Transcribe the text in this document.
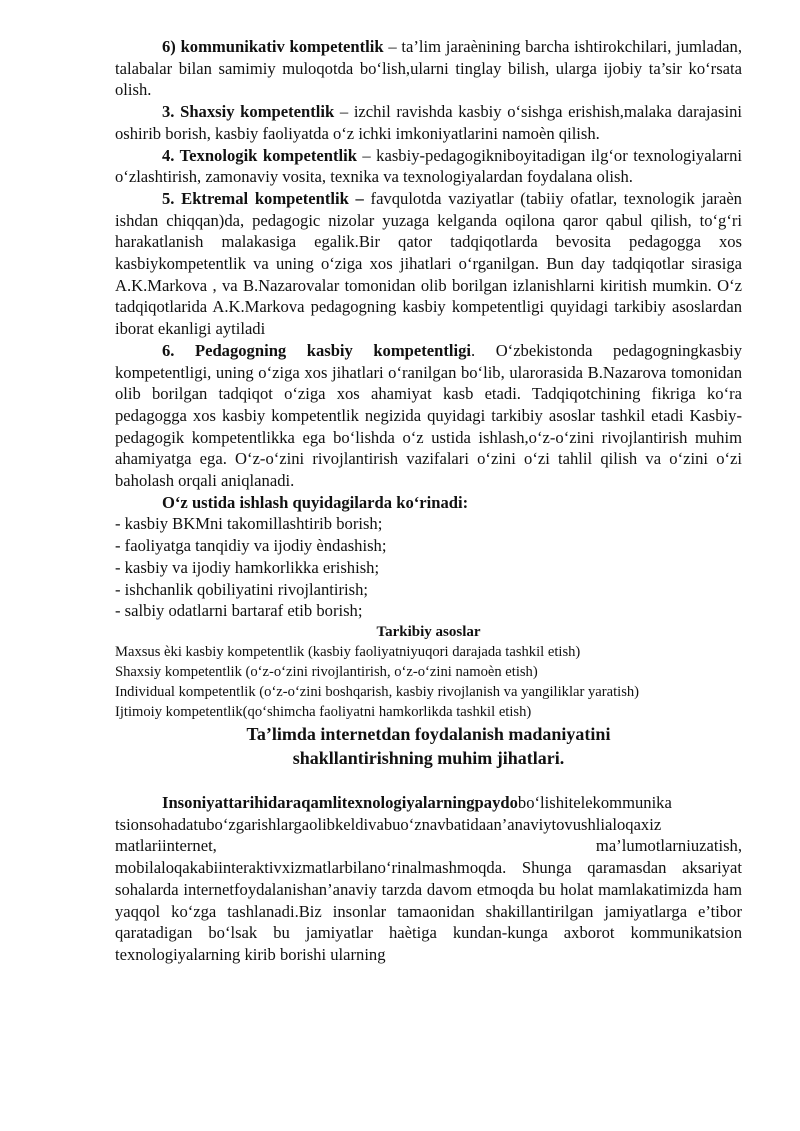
6) kommunikativ kompetentlik – ta’lim jaraènining barcha ishtirokchilari, jumladan, talabalar bilan samimiy muloqotda bo‘lish,ularni tinglay bilish, ularga ijobiy ta’sir ko‘rsata olish.

3. Shaxsiy kompetentlik – izchil ravishda kasbiy o‘sishga erishish,malaka darajasini oshirib borish, kasbiy faoliyatda o‘z ichki imkoniyatlarini namoèn qilish.

4. Texnologik kompetentlik – kasbiy-pedagogikniboyitadigan ilg‘or texnologiyalarni o‘zlashtirish, zamonaviy vosita, texnika va texnologiyalardan foydalana olish.

5. Ektremal kompetentlik – favqulotda vaziyatlar (tabiiy ofatlar, texnologik jaraèn ishdan chiqqan)da, pedagogic nizolar yuzaga kelganda oqilona qaror qabul qilish, to‘g‘ri harakatlanish malakasiga egalik.Bir qator tadqiqotlarda bevosita pedagogga xos kasbiykompetentlik va uning o‘ziga xos jihatlari o‘rganilgan. Bun day tadqiqotlar sirasiga A.K.Markova , va B.Nazarovalar tomonidan olib borilgan izlanishlarni kiritish mumkin. O‘z tadqiqotlarida A.K.Markova pedagogning kasbiy kompetentligi quyidagi tarkibiy asoslardan iborat ekanligi aytiladi

6. Pedagogning kasbiy kompetentligi. O‘zbekistonda pedagogningkasbiy kompetentligi, uning o‘ziga xos jihatlari o‘ranilgan bo‘lib, ularorasida B.Nazarova tomonidan olib borilgan tadqiqot o‘ziga xos ahamiyat kasb etadi. Tadqiqotchining fikriga ko‘ra pedagogga xos kasbiy kompetentlik negizida quyidagi tarkibiy asoslar tashkil etadi Kasbiy-pedagogik kompetentlikka ega bo‘lishda o‘z ustida ishlash,o‘z-o‘zini rivojlantirish muhim ahamiyatga ega. O‘z-o‘zini rivojlantirish vazifalari o‘zini o‘zi tahlil qilish va o‘zini o‘zi baholash orqali aniqlanadi.

O‘z ustida ishlash quyidagilarda ko‘rinadi:

- kasbiy BKMni takomillashtirib borish;

- faoliyatga tanqidiy va ijodiy èndashish;

- kasbiy va ijodiy hamkorlikka erishish;

- ishchanlik qobiliyatini rivojlantirish;

- salbiy odatlarni bartaraf etib borish;

Tarkibiy asoslar

Maxsus èki kasbiy kompetentlik (kasbiy faoliyatniyuqori darajada tashkil etish)

Shaxsiy kompetentlik (o‘z-o‘zini rivojlantirish, o‘z-o‘zini namoèn etish)

Individual kompetentlik (o‘z-o‘zini boshqarish, kasbiy rivojlanish va yangiliklar yaratish)

Ijtimoiy kompetentlik(qo‘shimcha faoliyatni hamkorlikda tashkil etish)

Ta’limda internetdan foydalanish madaniyatini

shakllantirishning muhim jihatlari.

Insoniyattarihidaraqamlitexnologiyalarningpaydobo‘lishitelekommunika

tsionsohadatubo‘zgarishlargaolibkeldivabuo‘znavbatidaan’anaviytovushlialoqaxiz

matlariinternet,	ma’lumotlarniuzatish,

mobilaloqakabiinteraktivxizmatlarbilano‘rinalmashmoqda. Shunga qaramasdan aksariyat sohalarda internetfoydalanishan’anaviy tarzda davom etmoqda bu holat mamlakatimizda ham yaqqol ko‘zga tashlanadi.Biz insonlar tamaonidan shakillantirilgan jamiyatlarga e’tibor qaratadigan bo‘lsak bu jamiyatlar haètiga kundan-kunga axborot kommunikatsion texnologiyalarning kirib borishi ularning
